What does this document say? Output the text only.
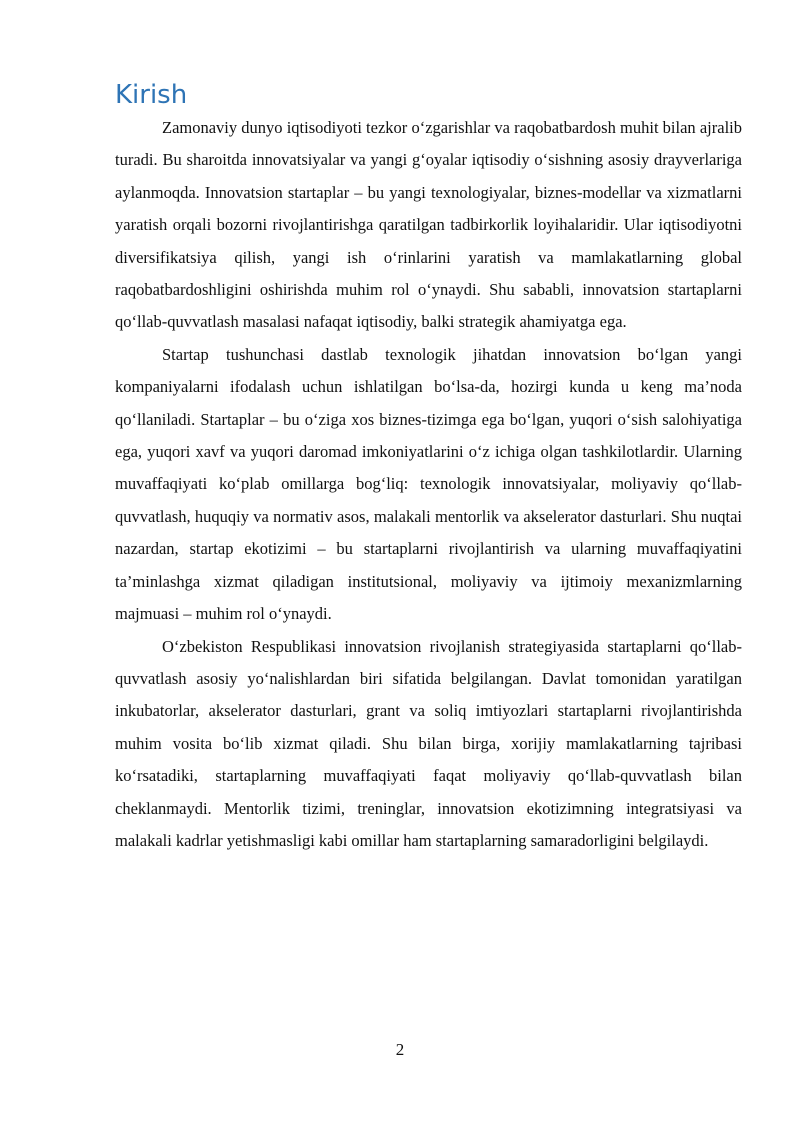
Kirish

Zamonaviy dunyo iqtisodiyoti tezkor o‘zgarishlar va raqobatbardosh muhit bilan ajralib turadi. Bu sharoitda innovatsiyalar va yangi g‘oyalar iqtisodiy o‘sishning asosiy drayverlariga aylanmoqda. Innovatsion startaplar – bu yangi texnologiyalar, biznes-modellar va xizmatlarni yaratish orqali bozorni rivojlantirishga qaratilgan tadbirkorlik loyihalaridir. Ular iqtisodiyotni diversifikatsiya qilish, yangi ish o‘rinlarini yaratish va mamlakatlarning global raqobatbardoshligini oshirishda muhim rol o‘ynaydi. Shu sababli, innovatsion startaplarni qo‘llab-quvvatlash masalasi nafaqat iqtisodiy, balki strategik ahamiyatga ega.

Startap tushunchasi dastlab texnologik jihatdan innovatsion bo‘lgan yangi kompaniyalarni ifodalash uchun ishlatilgan bo‘lsa-da, hozirgi kunda u keng ma’noda qo‘llaniladi. Startaplar – bu o‘ziga xos biznes-tizimga ega bo‘lgan, yuqori o‘sish salohiyatiga ega, yuqori xavf va yuqori daromad imkoniyatlarini o‘z ichiga olgan tashkilotlardir. Ularning muvaffaqiyati ko‘plab omillarga bog‘liq: texnologik innovatsiyalar, moliyaviy qo‘llab-quvvatlash, huquqiy va normativ asos, malakali mentorlik va akselerator dasturlari. Shu nuqtai nazardan, startap ekotizimi – bu startaplarni rivojlantirish va ularning muvaffaqiyatini ta’minlashga xizmat qiladigan institutsional, moliyaviy va ijtimoiy mexanizmlarning majmuasi – muhim rol o‘ynaydi.

O‘zbekiston Respublikasi innovatsion rivojlanish strategiyasida startaplarni qo‘llab-quvvatlash asosiy yo‘nalishlardan biri sifatida belgilangan. Davlat tomonidan yaratilgan inkubatorlar, akselerator dasturlari, grant va soliq imtiyozlari startaplarni rivojlantirishda muhim vosita bo‘lib xizmat qiladi. Shu bilan birga, xorijiy mamlakatlarning tajribasi ko‘rsatadiki, startaplarning muvaffaqiyati faqat moliyaviy qo‘llab-quvvatlash bilan cheklanmaydi. Mentorlik tizimi, treninglar, innovatsion ekotizimning integratsiyasi va malakali kadrlar yetishmasligi kabi omillar ham startaplarning samaradorligini belgilaydi.

2
